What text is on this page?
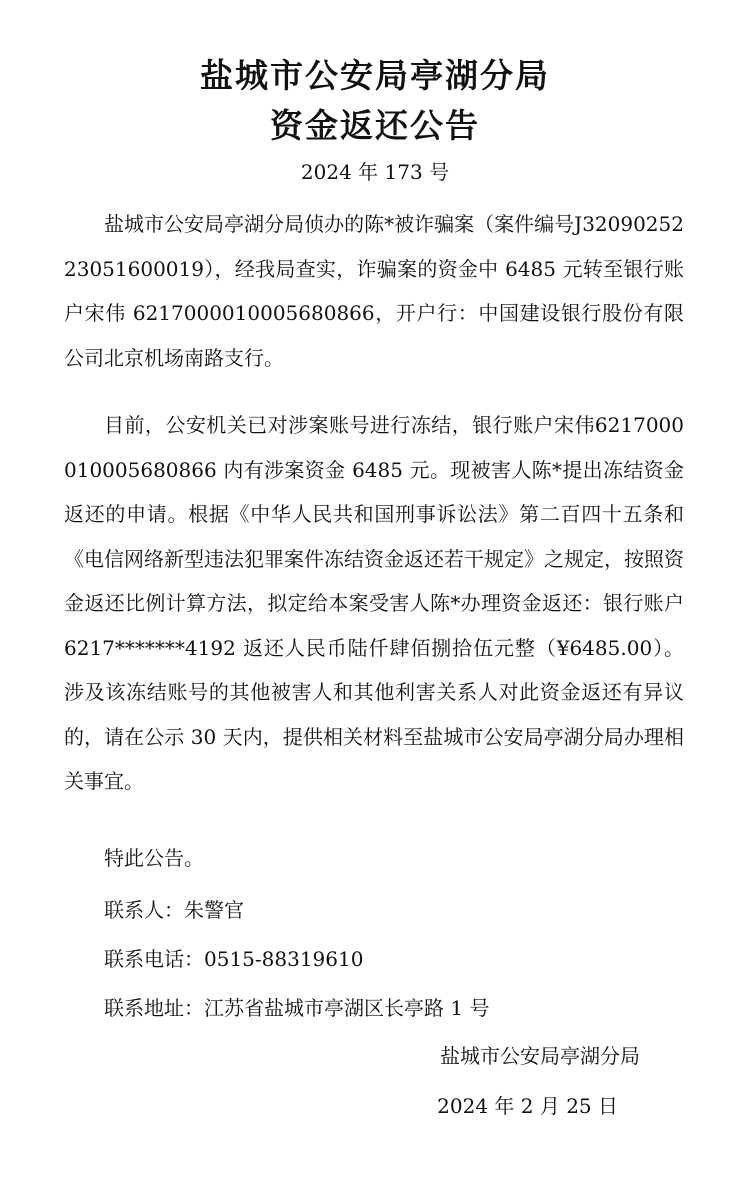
盐城市公安局亭湖分局
资金返还公告
2024 年 173 号

盐城市公安局亭湖分局侦办的陈*被诈骗案（案件编号J3209025223051600019），经我局查实，诈骗案的资金中 6485 元转至银行账户宋伟 6217000010005680866，开户行：中国建设银行股份有限公司北京机场南路支行。

目前，公安机关已对涉案账号进行冻结，银行账户宋伟6217000010005680866 内有涉案资金 6485 元。现被害人陈*提出冻结资金返还的申请。根据《中华人民共和国刑事诉讼法》第二百四十五条和《电信网络新型违法犯罪案件冻结资金返还若干规定》之规定，按照资金返还比例计算方法，拟定给本案受害人陈*办理资金返还：银行账户 6217*******4192 返还人民币陆仟肆佰捌拾伍元整（¥6485.00）。涉及该冻结账号的其他被害人和其他利害关系人对此资金返还有异议的，请在公示 30 天内，提供相关材料至盐城市公安局亭湖分局办理相关事宜。

特此公告。
联系人：朱警官
联系电话：0515-88319610
联系地址：江苏省盐城市亭湖区长亭路 1 号
盐城市公安局亭湖分局
2024 年 2 月 25 日
